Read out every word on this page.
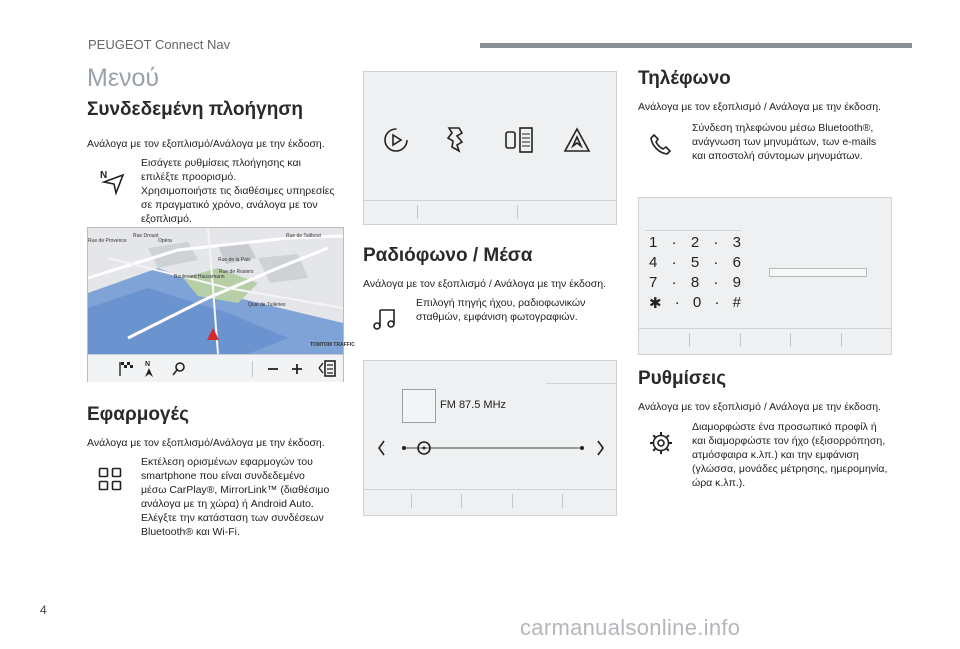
PEUGEOT Connect Nav
Μενού
Συνδεδεμένη πλοήγηση
Ανάλογα με τον εξοπλισμό/Ανάλογα με την έκδοση.
N
Εισάγετε ρυθμίσεις πλοήγησης και
επιλέξτε προορισμό.
Χρησιμοποιήστε τις διαθέσιμες υπηρεσίες
σε πραγματικό χρόνο, ανάλογα με τον
εξοπλισμό.
Rue Drouot
Opéra
Rue de Provence
Rue de Taitbout
Rue de Rosiers
Rue de la Paix
Boulevard Haussmann
Quai de Tuileries
TOMTOM TRAFFIC
N
Εφαρμογές
Ανάλογα με τον εξοπλισμό/Ανάλογα με την έκδοση.
Εκτέλεση ορισμένων εφαρμογών του
smartphone που είναι συνδεδεμένο
μέσω CarPlay®, MirrorLink™ (διαθέσιμο
ανάλογα με τη χώρα) ή Android Auto.
Ελέγξτε την κατάσταση των συνδέσεων
Bluetooth® και Wi-Fi.
Ραδιόφωνο / Μέσα
Ανάλογα με τον εξοπλισμό / Ανάλογα με την έκδοση.
Επιλογή πηγής ήχου, ραδιοφωνικών
σταθμών, εμφάνιση φωτογραφιών.
FM 87.5 MHz
Τηλέφωνο
Ανάλογα με τον εξοπλισμό / Ανάλογα με την έκδοση.
Σύνδεση τηλεφώνου μέσω Bluetooth®,
ανάγνωση των μηνυμάτων, των e-mails
και αποστολή σύντομων μηνυμάτων.
1 · 2 · 3
4 · 5 · 6
7 · 8 · 9
✱ · 0 · #
Ρυθμίσεις
Ανάλογα με τον εξοπλισμό / Ανάλογα με την έκδοση.
Διαμορφώστε ένα προσωπικό προφίλ ή
και διαμορφώστε τον ήχο (εξισορρόπηση,
ατμόσφαιρα κ.λπ.) και την εμφάνιση
(γλώσσα, μονάδες μέτρησης, ημερομηνία,
ώρα κ.λπ.).
4
carmanualsonline.info
